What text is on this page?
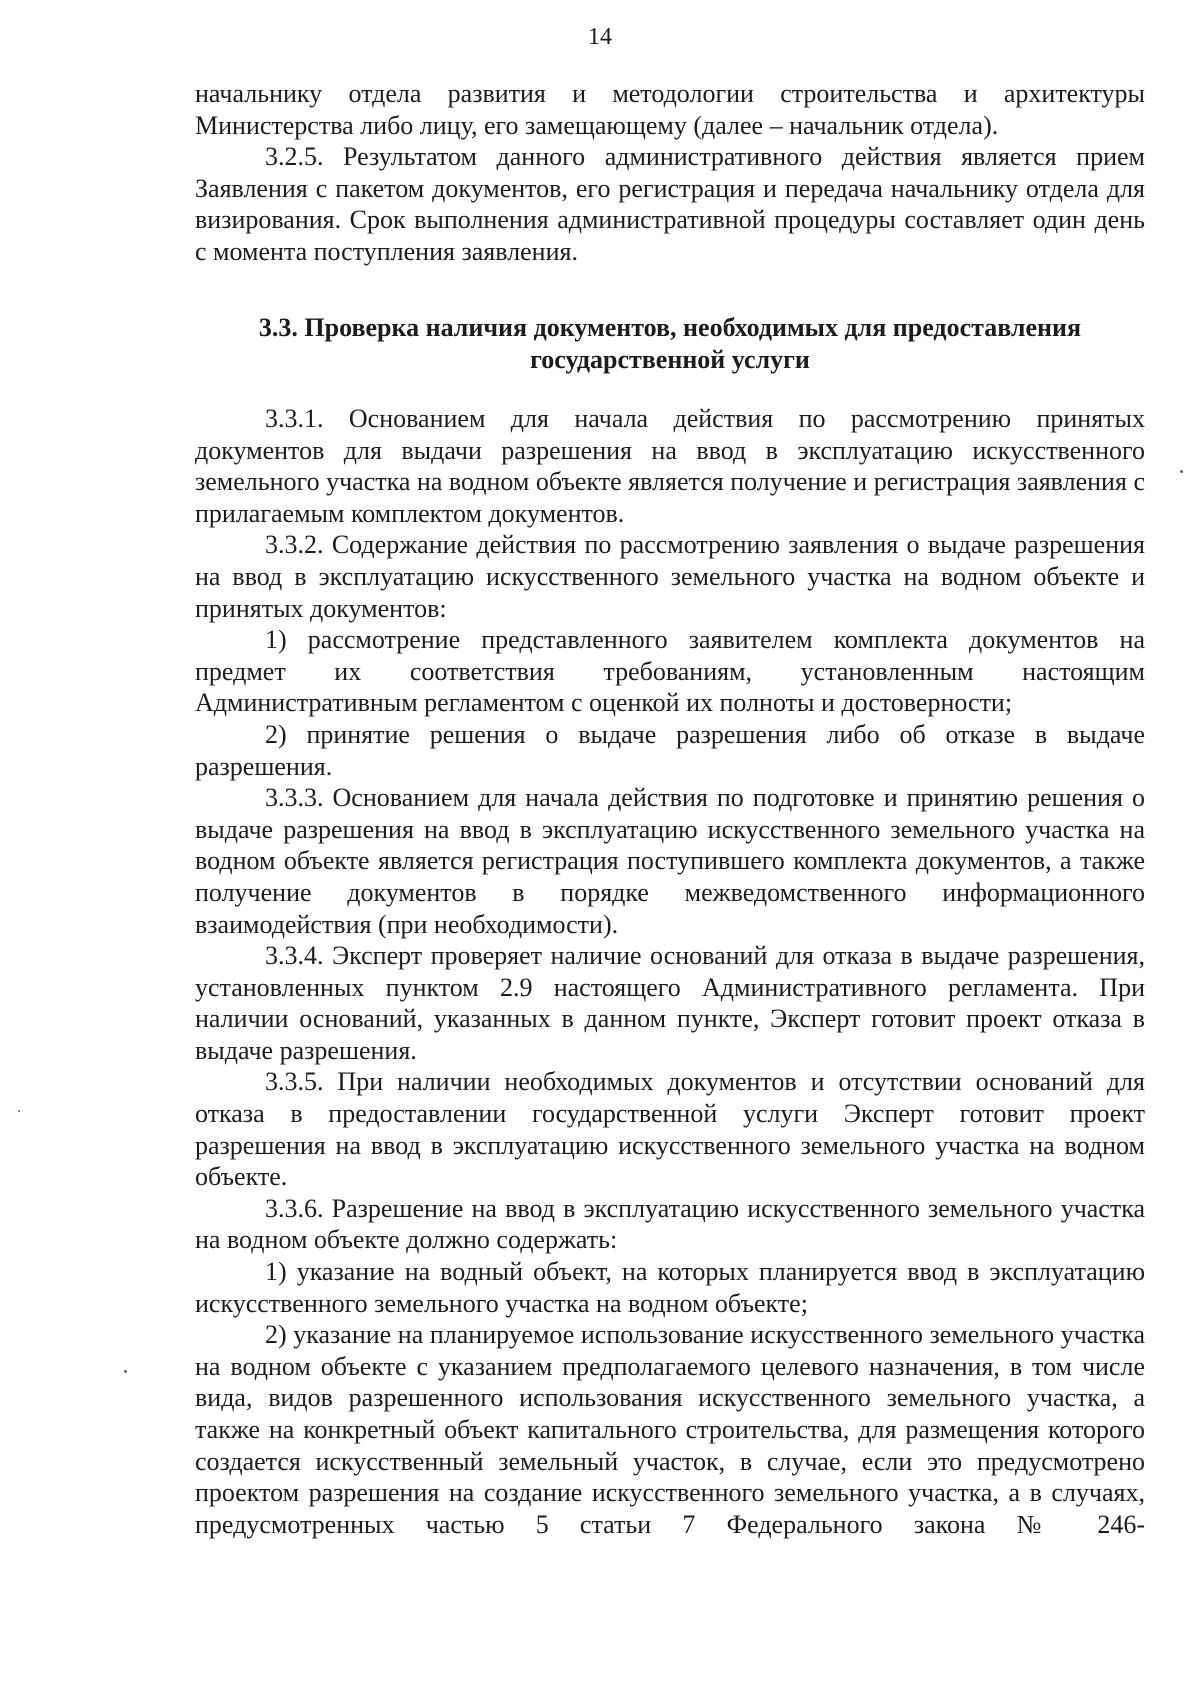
14

начальнику отдела развития и методологии строительства и архитектуры

Министерства либо лицу, его замещающему (далее – начальник отдела).

3.2.5. Результатом данного административного действия является прием Заявления с пакетом документов, его регистрация и передача начальнику отдела для визирования. Срок выполнения административной процедуры составляет один день с момента поступления заявления.

3.3. Проверка наличия документов, необходимых для предоставления
государственной услуги

3.3.1. Основанием для начала действия по рассмотрению принятых документов для выдачи разрешения на ввод в эксплуатацию искусственного земельного участка на водном объекте является получение и регистрация заявления с прилагаемым комплектом документов.

3.3.2. Содержание действия по рассмотрению заявления о выдаче разрешения на ввод в эксплуатацию искусственного земельного участка на водном объекте и принятых документов:

1) рассмотрение представленного заявителем комплекта документов на предмет их соответствия требованиям, установленным настоящим Административным регламентом с оценкой их полноты и достоверности;

2) принятие решения о выдаче разрешения либо об отказе в выдаче разрешения.

3.3.3. Основанием для начала действия по подготовке и принятию решения о выдаче разрешения на ввод в эксплуатацию искусственного земельного участка на водном объекте является регистрация поступившего комплекта документов, а также получение документов в порядке межведомственного информационного взаимодействия (при необходимости).

3.3.4. Эксперт проверяет наличие оснований для отказа в выдаче разрешения, установленных пунктом 2.9 настоящего Административного регламента. При наличии оснований, указанных в данном пункте, Эксперт готовит проект отказа в выдаче разрешения.

3.3.5. При наличии необходимых документов и отсутствии оснований для отказа в предоставлении государственной услуги Эксперт готовит проект разрешения на ввод в эксплуатацию искусственного земельного участка на водном объекте.

3.3.6. Разрешение на ввод в эксплуатацию искусственного земельного участка на водном объекте должно содержать:

1) указание на водный объект, на которых планируется ввод в эксплуатацию искусственного земельного участка на водном объекте;

2) указание на планируемое использование искусственного земельного участка на водном объекте с указанием предполагаемого целевого назначения, в том числе вида, видов разрешенного использования искусственного земельного участка, а также на конкретный объект капитального строительства, для размещения которого создается искусственный земельный участок, в случае, если это предусмотрено проектом разрешения на создание искусственного земельного участка, а в случаях, предусмотренных частью 5 статьи 7 Федерального закона № 246-
